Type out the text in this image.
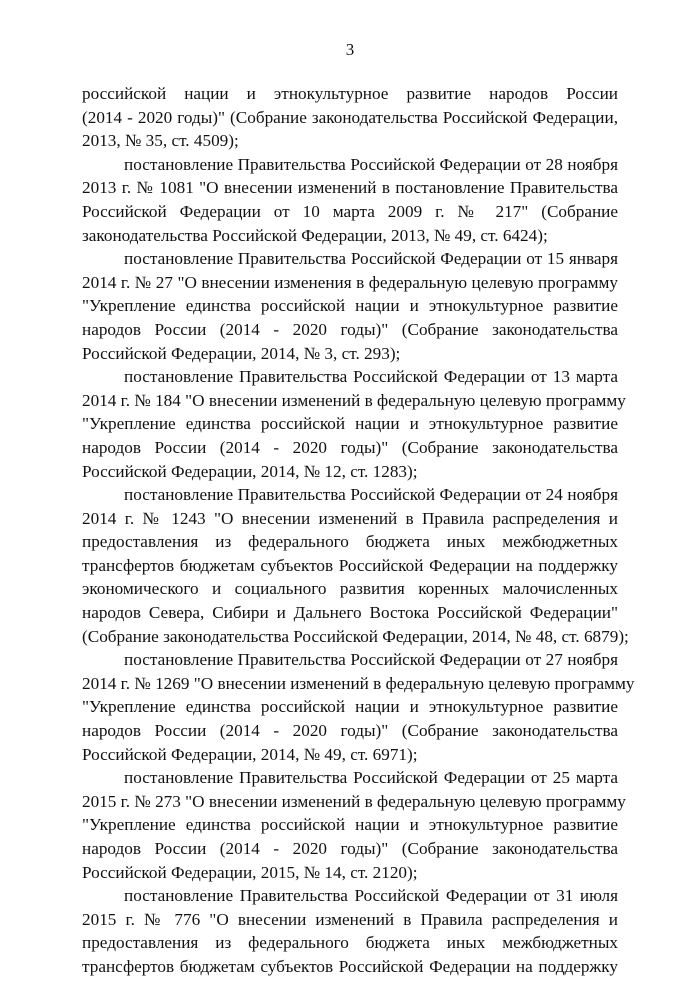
3
российской нации и этнокультурное развитие народов России
(2014 - 2020 годы)" (Собрание законодательства Российской Федерации,
2013, № 35, ст. 4509);
постановление Правительства Российской Федерации от 28 ноября
2013 г. № 1081 "О внесении изменений в постановление Правительства
Российской Федерации от 10 марта 2009 г. № 217" (Собрание
законодательства Российской Федерации, 2013, № 49, ст. 6424);
постановление Правительства Российской Федерации от 15 января
2014 г. № 27 "О внесении изменения в федеральную целевую программу
"Укрепление единства российской нации и этнокультурное развитие
народов России (2014 - 2020 годы)" (Собрание законодательства
Российской Федерации, 2014, № 3, ст. 293);
постановление Правительства Российской Федерации от 13 марта
2014 г. № 184 "О внесении изменений в федеральную целевую программу
"Укрепление единства российской нации и этнокультурное развитие
народов России (2014 - 2020 годы)" (Собрание законодательства
Российской Федерации, 2014, № 12, ст. 1283);
постановление Правительства Российской Федерации от 24 ноября
2014 г. № 1243 "О внесении изменений в Правила распределения и
предоставления из федерального бюджета иных межбюджетных
трансфертов бюджетам субъектов Российской Федерации на поддержку
экономического и социального развития коренных малочисленных
народов Севера, Сибири и Дальнего Востока Российской Федерации"
(Собрание законодательства Российской Федерации, 2014, № 48, ст. 6879);
постановление Правительства Российской Федерации от 27 ноября
2014 г. № 1269 "О внесении изменений в федеральную целевую программу
"Укрепление единства российской нации и этнокультурное развитие
народов России (2014 - 2020 годы)" (Собрание законодательства
Российской Федерации, 2014, № 49, ст. 6971);
постановление Правительства Российской Федерации от 25 марта
2015 г. № 273 "О внесении изменений в федеральную целевую программу
"Укрепление единства российской нации и этнокультурное развитие
народов России (2014 - 2020 годы)" (Собрание законодательства
Российской Федерации, 2015, № 14, ст. 2120);
постановление Правительства Российской Федерации от 31 июля
2015 г. № 776 "О внесении изменений в Правила распределения и
предоставления из федерального бюджета иных межбюджетных
трансфертов бюджетам субъектов Российской Федерации на поддержку
